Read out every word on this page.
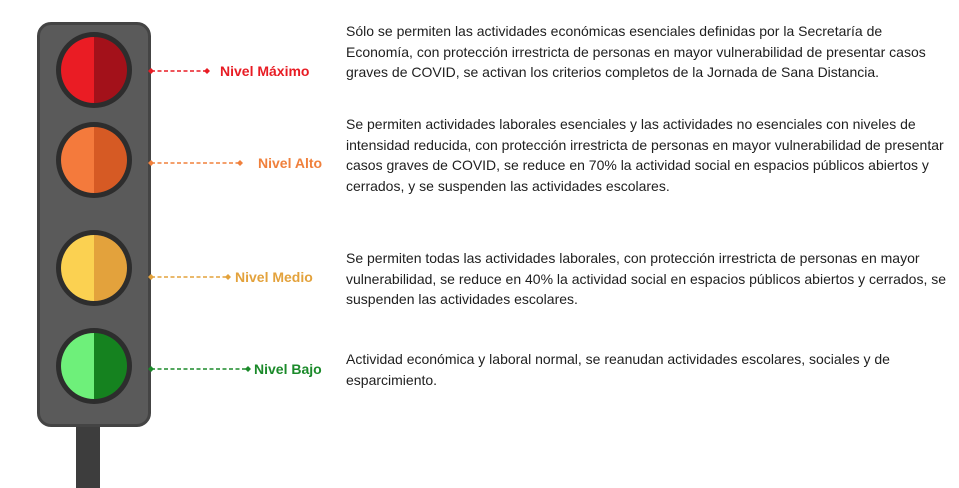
Nivel Máximo
Nivel Alto
Nivel Medio
Nivel Bajo

Sólo se permiten las actividades económicas esenciales definidas por la Secretaría de Economía, con protección irrestricta de personas en mayor vulnerabilidad de presentar casos graves de COVID, se activan los criterios completos de la Jornada de Sana Distancia.

Se permiten actividades laborales esenciales y las actividades no esenciales con niveles de intensidad reducida, con protección irrestricta de personas en mayor vulnerabilidad de presentar casos graves de COVID, se reduce en 70% la actividad social en espacios públicos abiertos y cerrados, y se suspenden las actividades escolares.

Se permiten todas las actividades laborales, con protección irrestricta de personas en mayor vulnerabilidad, se reduce en 40% la actividad social en espacios públicos abiertos y cerrados, se suspenden las actividades escolares.

Actividad económica y laboral normal, se reanudan actividades escolares, sociales y de esparcimiento.
